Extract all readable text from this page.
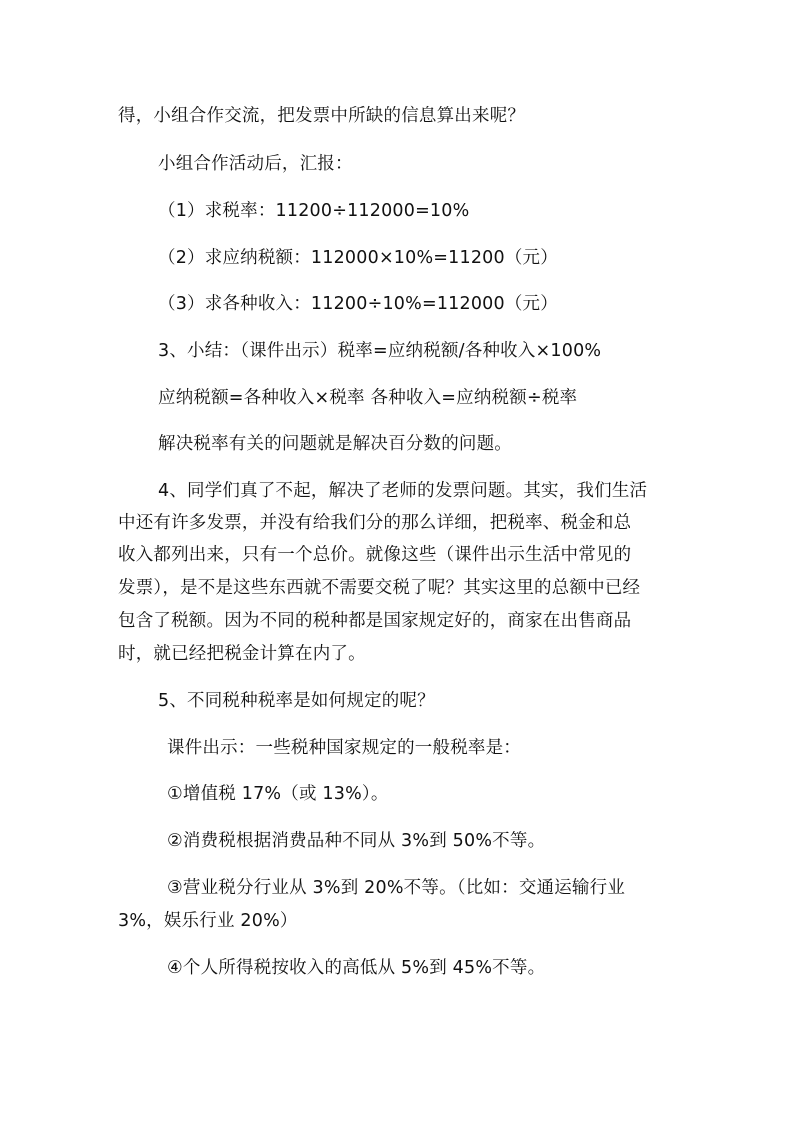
得，小组合作交流，把发票中所缺的信息算出来呢？
小组合作活动后，汇报：
（1）求税率：11200÷112000=10%
（2）求应纳税额：112000×10%=11200（元）
（3）求各种收入：11200÷10%=112000（元）
3、小结：（课件出示）税率=应纳税额/各种收入×100%
应纳税额=各种收入×税率 各种收入=应纳税额÷税率
解决税率有关的问题就是解决百分数的问题。
4、同学们真了不起，解决了老师的发票问题。其实，我们生活
中还有许多发票，并没有给我们分的那么详细，把税率、税金和总
收入都列出来，只有一个总价。就像这些（课件出示生活中常见的
发票），是不是这些东西就不需要交税了呢？其实这里的总额中已经
包含了税额。因为不同的税种都是国家规定好的，商家在出售商品
时，就已经把税金计算在内了。
5、不同税种税率是如何规定的呢？
课件出示：一些税种国家规定的一般税率是：
①增值税 17%（或 13%）。
②消费税根据消费品种不同从 3%到 50%不等。
③营业税分行业从 3%到 20%不等。（比如：交通运输行业
3%，娱乐行业 20%）
④个人所得税按收入的高低从 5%到 45%不等。
